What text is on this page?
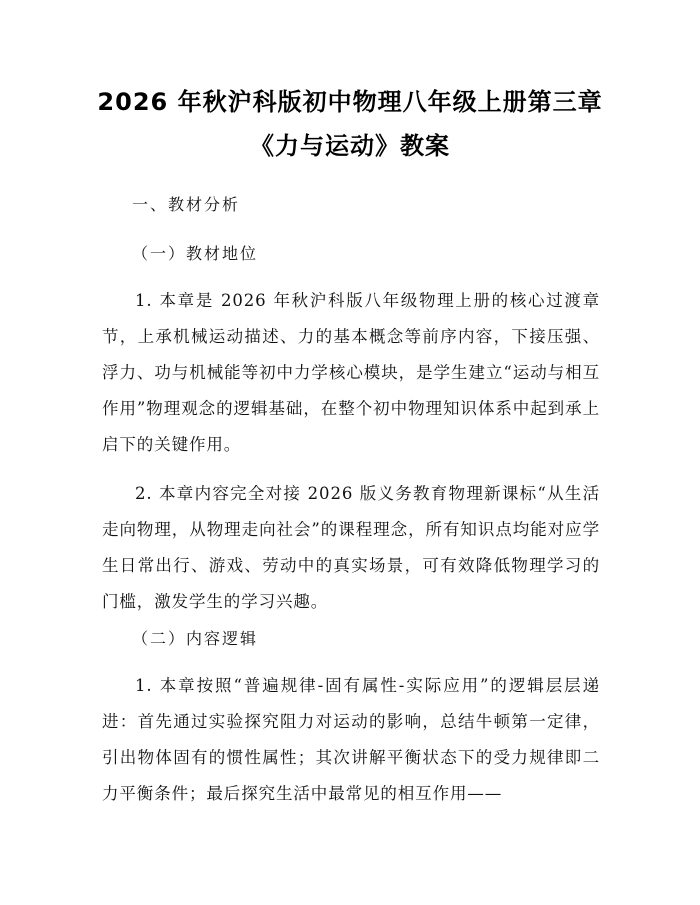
2026 年秋沪科版初中物理八年级上册第三章
《力与运动》教案

一、教材分析

（一）教材地位

1. 本章是 2026 年秋沪科版八年级物理上册的核心过渡章节，上承机械运动描述、力的基本概念等前序内容，下接压强、浮力、功与机械能等初中力学核心模块，是学生建立“运动与相互作用”物理观念的逻辑基础，在整个初中物理知识体系中起到承上启下的关键作用。

2. 本章内容完全对接 2026 版义务教育物理新课标“从生活走向物理，从物理走向社会”的课程理念，所有知识点均能对应学生日常出行、游戏、劳动中的真实场景，可有效降低物理学习的门槛，激发学生的学习兴趣。

（二）内容逻辑

1. 本章按照“普遍规律-固有属性-实际应用”的逻辑层层递进：首先通过实验探究阻力对运动的影响，总结牛顿第一定律，引出物体固有的惯性属性；其次讲解平衡状态下的受力规律即二力平衡条件；最后探究生活中最常见的相互作用——
